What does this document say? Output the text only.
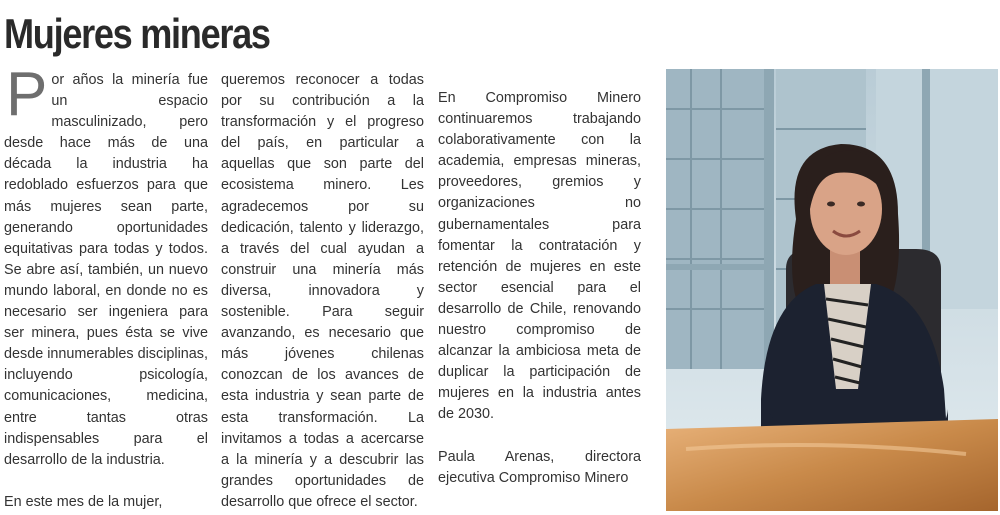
Mujeres mineras

Por años la minería fue un espacio masculinizado, pero desde hace más de una década la industria ha redoblado esfuerzos para que más mujeres sean parte, generando oportunidades equitativas para todas y todos. Se abre así, también, un nuevo mundo laboral, en donde no es necesario ser ingeniera para ser minera, pues ésta se vive desde innumerables disciplinas, incluyendo psicología, comunicaciones, medicina, entre tantas otras indispensables para el desarrollo de la industria.

En este mes de la mujer,

queremos reconocer a todas por su contribución a la transformación y el progreso del país, en particular a aquellas que son parte del ecosistema minero. Les agradecemos por su dedicación, talento y liderazgo, a través del cual ayudan a construir una minería más diversa, innovadora y sostenible. Para seguir avanzando, es necesario que más jóvenes chilenas conozcan de los avances de esta industria y sean parte de esta transformación. La invitamos a todas a acercarse a la minería y a descubrir las grandes oportunidades de desarrollo que ofrece el sector.

En Compromiso Minero continuaremos trabajando colaborativamente con la academia, empresas mineras, proveedores, gremios y organizaciones no gubernamentales para fomentar la contratación y retención de mujeres en este sector esencial para el desarrollo de Chile, renovando nuestro compromiso de alcanzar la ambiciosa meta de duplicar la participación de mujeres en la industria antes de 2030.

Paula Arenas, directora ejecutiva Compromiso Minero
